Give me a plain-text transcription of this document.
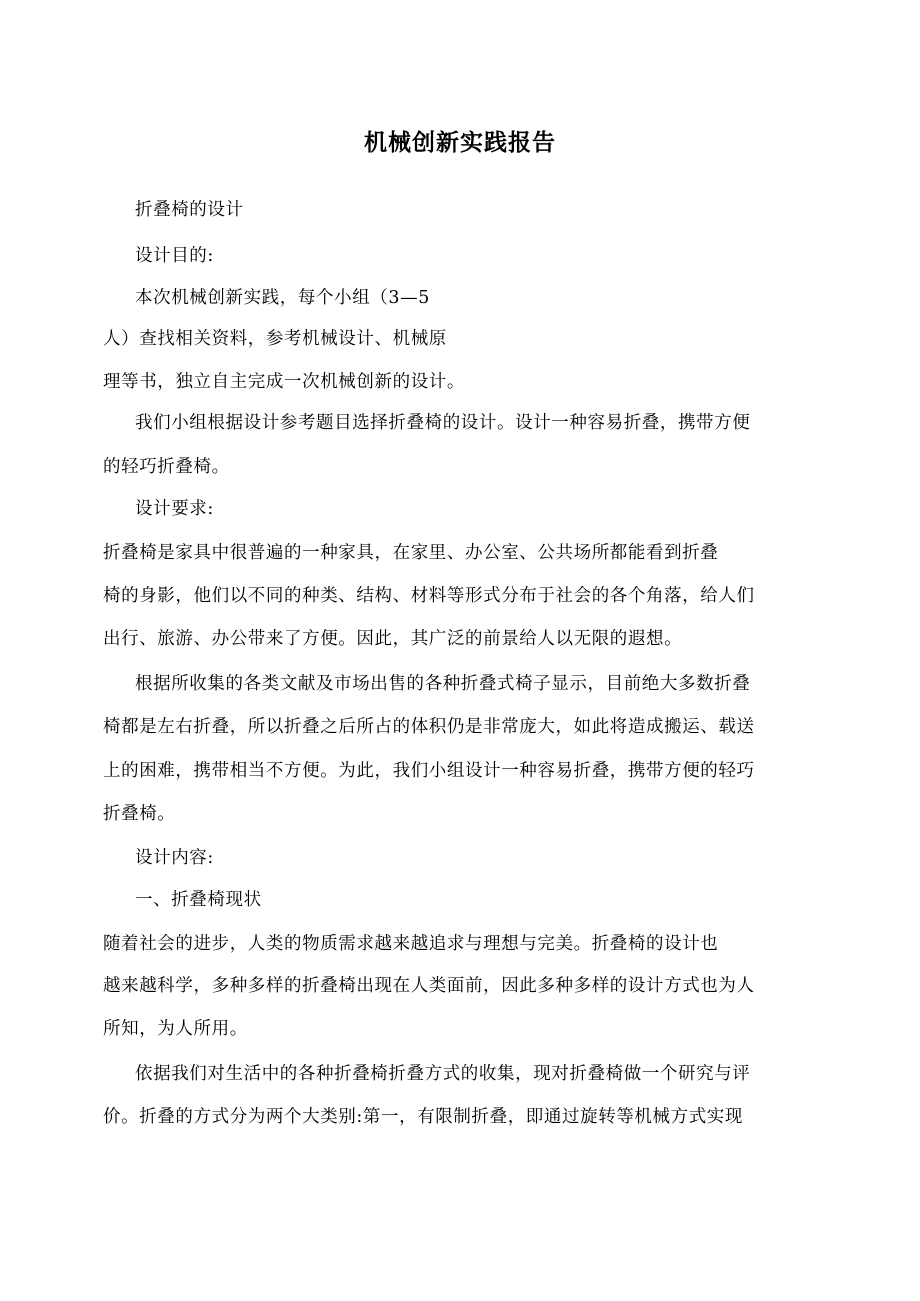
机械创新实践报告
折叠椅的设计
设计目的:
本次机械创新实践，每个小组（3—5
人）查找相关资料，参考机械设计、机械原
理等书，独立自主完成一次机械创新的设计。
我们小组根据设计参考题目选择折叠椅的设计。设计一种容易折叠，携带方便
的轻巧折叠椅。
设计要求:
折叠椅是家具中很普遍的一种家具，在家里、办公室、公共场所都能看到折叠
椅的身影，他们以不同的种类、结构、材料等形式分布于社会的各个角落，给人们
出行、旅游、办公带来了方便。因此，其广泛的前景给人以无限的遐想。
根据所收集的各类文献及市场出售的各种折叠式椅子显示，目前绝大多数折叠
椅都是左右折叠，所以折叠之后所占的体积仍是非常庞大，如此将造成搬运、载送
上的困难，携带相当不方便。为此，我们小组设计一种容易折叠，携带方便的轻巧
折叠椅。
设计内容:
一、折叠椅现状
随着社会的进步，人类的物质需求越来越追求与理想与完美。折叠椅的设计也
越来越科学，多种多样的折叠椅出现在人类面前，因此多种多样的设计方式也为人
所知，为人所用。
依据我们对生活中的各种折叠椅折叠方式的收集，现对折叠椅做一个研究与评
价。折叠的方式分为两个大类别:第一，有限制折叠，即通过旋转等机械方式实现
